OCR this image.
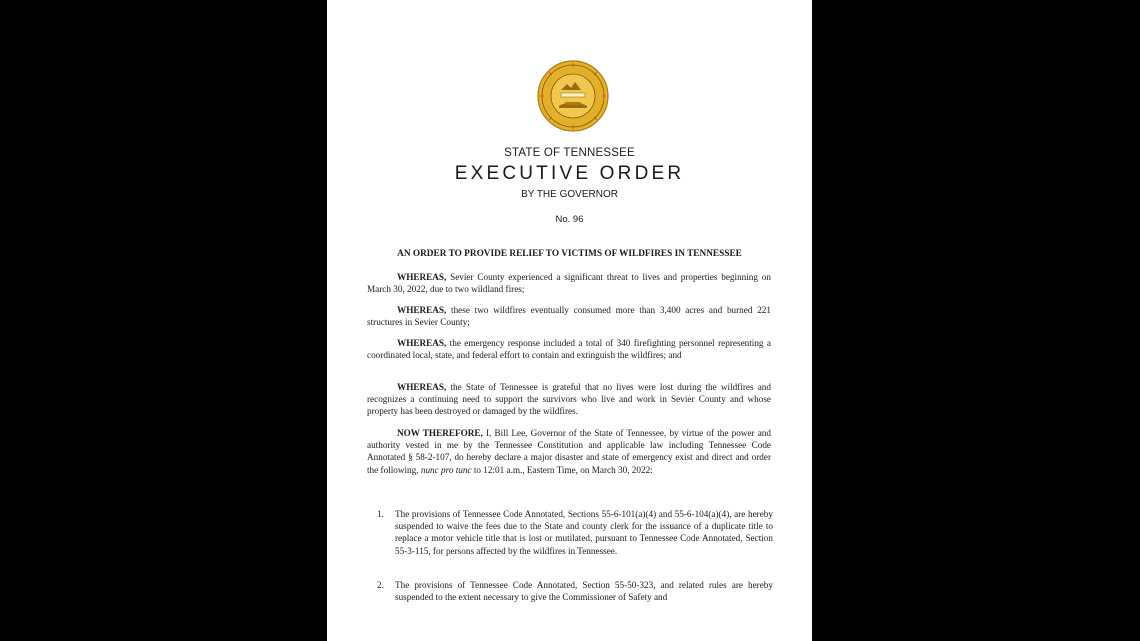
STATE OF TENNESSEE
EXECUTIVE ORDER
BY THE GOVERNOR
No. 96
AN ORDER TO PROVIDE RELIEF TO VICTIMS OF WILDFIRES IN TENNESSEE
WHEREAS, Sevier County experienced a significant threat to lives and properties beginning on March 30, 2022, due to two wildland fires;
WHEREAS, these two wildfires eventually consumed more than 3,400 acres and burned 221 structures in Sevier County;
WHEREAS, the emergency response included a total of 340 firefighting personnel representing a coordinated local, state, and federal effort to contain and extinguish the wildfires; and
WHEREAS, the State of Tennessee is grateful that no lives were lost during the wildfires and recognizes a continuing need to support the survivors who live and work in Sevier County and whose property has been destroyed or damaged by the wildfires.
NOW THEREFORE, I, Bill Lee, Governor of the State of Tennessee, by virtue of the power and authority vested in me by the Tennessee Constitution and applicable law including Tennessee Code Annotated § 58-2-107, do hereby declare a major disaster and state of emergency exist and direct and order the following, nunc pro tunc to 12:01 a.m., Eastern Time, on March 30, 2022:
1.	The provisions of Tennessee Code Annotated, Sections 55-6-101(a)(4) and 55-6-104(a)(4), are hereby suspended to waive the fees due to the State and county clerk for the issuance of a duplicate title to replace a motor vehicle title that is lost or mutilated, pursuant to Tennessee Code Annotated, Section 55-3-115, for persons affected by the wildfires in Tennessee.
2.	The provisions of Tennessee Code Annotated, Section 55-50-323, and related rules are hereby suspended to the extent necessary to give the Commissioner of Safety and
